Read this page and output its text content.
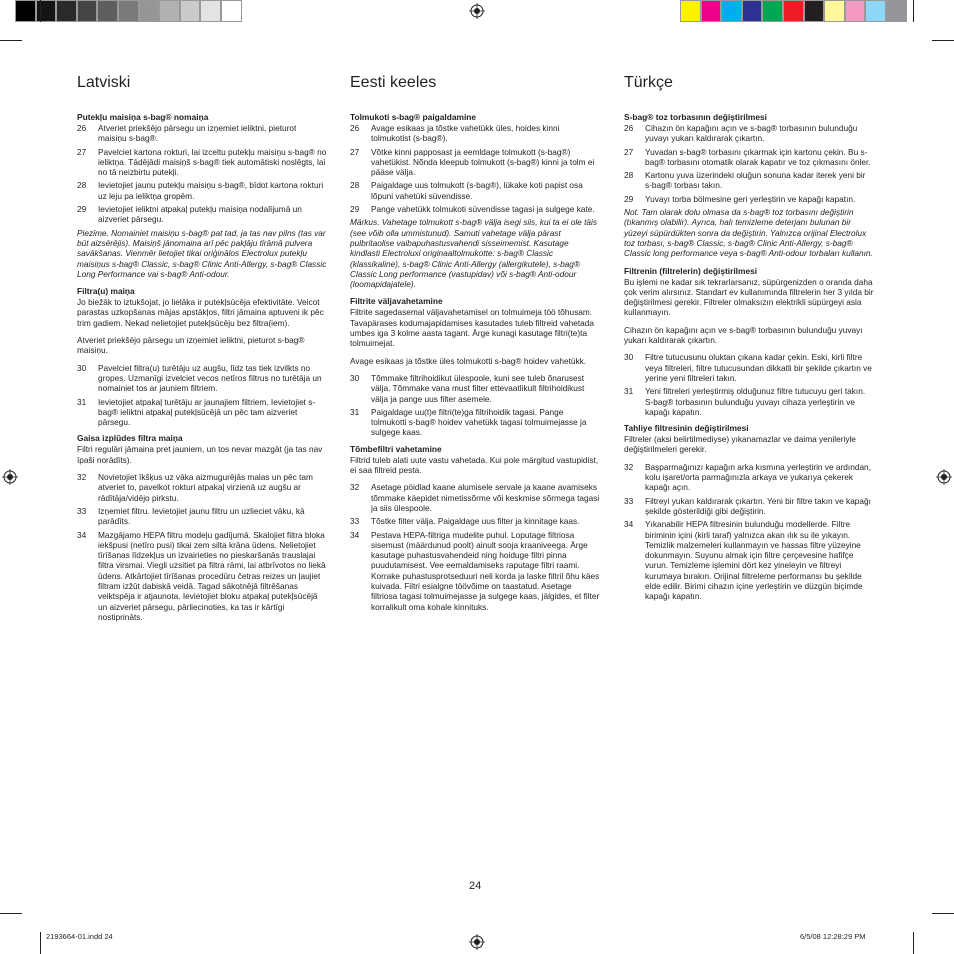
Latviski
Putekļu maisiņa s-bag® nomaiņa
26	Atveriet priekšējo pārsegu un izņemiet ieliktni, pieturot maisiņu s-bag®.
27	Pavelciet kartona rokturi, lai izceltu putekļu maisiņu s-bag® no ieliktņa. Tādējādi maisiņš s-bag® tiek automātiski noslēgts, lai no tā neizbirtu putekļi.
28	Ievietojiet jaunu putekļu maisiņu s-bag®, bīdot kartona rokturi uz leju pa ieliktņa gropēm.
29	Ievietojiet ieliktni atpakaļ putekļu maisiņa nodalījumā un aizveriet pārsegu.

Piezīme. Nomainiet maisiņu s-bag® pat tad, ja tas nav pilns (tas var būt aizsērējis). Maisiņš jānomaina arī pēc pakļāju tīrāmā pulvera savākšanas. Vienmēr lietojiet tikai oriģinālos Electrolux putekļu maisiņus s-bag® Classic, s-bag® Clinic Anti-Allergy, s-bag® Classic Long Performance vai s-bag® Anti-odour.

Filtra(u) maiņa

Jo biežāk to iztukšojat, jo lielāka ir putekļsūcēja efektivitāte. Veicot parastas uzkopšanas mājas apstākļos, filtri jāmaina aptuveni ik pēc trim gadiem. Nekad nelietojiet putekļsūcēju bez filtra(iem).

Atveriet priekšējo pārsegu un izņemiet ieliktni, pieturot s-bag® maisiņu.

30	Pavelciet filtra(u) turētāju uz augšu, līdz tas tiek izvilkts no gropes. Uzmanīgi izvelciet vecos netīros filtrus no turētāja un nomainiet tos ar jauniem filtriem.
31	Ievietojiet atpakaļ turētāju ar jaunajiem filtriem. Ievietojiet s-bag® ieliktni atpakaļ putekļsūcējā un pēc tam aizveriet pārsegu.
Gaisa izplūdes filtra maiņa

Filtri regulāri jāmaina pret jauniem, un tos nevar mazgāt (ja tas nav īpaši norādīts).

32	Novietojiet īkšķus uz vāka aizmugurējās malas un pēc tam atveriet to, pavelkot rokturi atpakaļ virzienā uz augšu ar rādītāja/vidējo pirkstu.
33	Izņemiet filtru. Ievietojiet jaunu filtru un uzlieciet vāku, kā parādīts.
34	Mazgājamo HEPA filtru modeļu gadījumā. Skalojiet filtra bloka iekšpusi (netīro pusi) tikai zem silta krāna ūdens. Nelietojiet tīrīšanas līdzekļus un izvairieties no pieskaršanās trauslajai filtra virsmai. Viegli uzsitiet pa filtra rāmi, lai atbrīvotos no liekā ūdens. Atkārtojiet tīrīšanas procedūru četras reizes un ļaujiet filtram izžūt dabiskā veidā. Tagad sākotnējā filtrēšanas veiktspēja ir atjaunota. Ievietojiet bloku atpakaļ putekļsūcējā un aizveriet pārsegu, pārliecinoties, ka tas ir kārtīgi nostiprināts.
Eesti keeles
Tolmukoti s-bag® paigaldamine
26	Avage esikaas ja tõstke vahetükk üles, hoides kinni tolmukotist (s-bag®).
27	Võtke kinni papposast ja eemldage tolmukott (s-bag®) vahetükist. Nõnda kleepub tolmukott (s-bag®) kinni ja tolm ei pääse välja.
28	Paigaldage uus tolmukott (s-bag®), lükake koti papist osa lõpuni vahetüki süvendisse.
29	Pange vahetükk tolmukoti süvendisse tagasi ja sulgege kate.

Märkus. Vahetage tolmukott s-bag® välja isegi siis, kui ta ei ole täis (see võib olla ummistunud). Samuti vahetage välja pärast pulbritaolise vaibapuhastusvahendi sisseimemist. Kasutage kindlasti Electroluxi originaaltolmukotte: s-bag® Classic (klassikaline), s-bag® Clinic Anti-Allergy (allergikutele), s-bag® Classic Long performance (vastupidav) või s-bag® Anti-odour (loomapidajatele).

Filtrite väljavahetamine

Filtrite sagedasemal väljavahetamisel on tolmuimeja töö tõhusam. Tavapärases kodumajapidamises kasutades tuleb filtreid vahetada umbes iga 3 kolme aasta tagant. Ärge kunagi kasutage filtri(te)ta tolmuimejat.

Avage esikaas ja tõstke üles tolmukotti s-bag® hoidev vahetükk.

30	Tõmmake filtrihoidikut ülespoole, kuni see tuleb õnarusest välja. Tõmmake vana must filter ettevaatlikult filtrihoidikust välja ja pange uus filter asemele.
31	Paigaldage uu(t)e filtri(te)ga filtrihoidik tagasi. Pange tolmukotti s-bag® hoidev vahetükk tagasi tolmuimejasse ja sulgege kaas.
Tõmbefiltri vahetamine

Filtrid tuleb alati uute vastu vahetada. Kui pole märgitud vastupidist, ei saa filtreid pesta.

32	Asetage pöidlad kaane alumisele servale ja kaane avamiseks tõmmake käepidet nimetissõrme või keskmise sõrmega tagasi ja siis ülespoole.
33	Tõstke filter välja. Paigaldage uus filter ja kinnitage kaas.
34	Pestava HEPA-filtriga mudelite puhul. Loputage filtriosa sisemust (määrdunud poolt) ainult sooja kraaniveega. Ärge kasutage puhastusvahendeid ning hoiduge filtri pinna puudutamisest. Vee eemaldamiseks raputage filtri raami. Korrake puhastusprotseduuri neli korda ja laske filtril õhu käes kuivada. Filtri esialgne töövõime on taastatud. Asetage filtriosa tagasi tolmuimejasse ja sulgege kaas, jälgides, et filter korralikult oma kohale kinnituks.
Türkçe
S-bag® toz torbasının değiştirilmesi
26	Cihazın ön kapağını açın ve s-bag® torbasının bulunduğu yuvayı yukarı kaldırarak çıkartın.
27	Yuvadan s-bag® torbasını çıkarmak için kartonu çekin. Bu s-bag® torbasını otomatik olarak kapatır ve toz çıkmasını önler.
28	Kartonu yuva üzerindeki oluğun sonuna kadar iterek yeni bir s-bag® torbası takın.
29	Yuvayı torba bölmesine geri yerleştirin ve kapağı kapatın.

Not. Tam olarak dolu olmasa da s-bag® toz torbasını değiştirin (tıkanmış olabilir). Ayrıca, halı temizleme deterjanı bulunan bir yüzeyi süpürdükten sonra da değiştirin. Yalnızca orijinal Electrolux toz torbası, s-bag® Classic, s-bag® Clinic Anti-Allergy, s-bag® Classic long performance veya s-bag® Anti-odour torbaları kullanın.

Filtrenin (filtrelerin) değiştirilmesi

Bu işlemi ne kadar sık tekrarlarsanız, süpürgenizden o oranda daha çok verim alırsınız. Standart ev kullanımında filtrelerin her 3 yılda bir değiştirilmesi gerekir. Filtreler olmaksızın elektrikli süpürgeyi asla kullanmayın.

Cihazın ön kapağını açın ve s-bag® torbasının bulunduğu yuvayı yukarı kaldırarak çıkartın.

30	Filtre tutucusunu oluktan çıkana kadar çekin. Eski, kirli filtre veya filtreleri, filtre tutucusundan dikkatli bir şekilde çıkartın ve yerine yeni filtreleri takın.
31	Yeni filtreleri yerleştirmiş olduğunuz filtre tutucuyu geri takın. S-bag® torbasının bulunduğu yuvayı cihaza yerleştirin ve kapağı kapatın.
Tahliye filtresinin değiştirilmesi

Filtreler (aksi belirtilmediyse) yıkanamazlar ve daima yenileriyle değiştirilmeleri gerekir.

32	Başparmağınızı kapağın arka kısmına yerleştirin ve ardından, kolu işaret/orta parmağınızla arkaya ve yukarıya çekerek kapağı açın.
33	Filtreyi yukarı kaldırarak çıkartın. Yeni bir filtre takın ve kapağı şekilde gösterildiği gibi değiştirin.
34	Yıkanabilir HEPA filtresinin bulunduğu modellerde. Filtre biriminin içini (kirli taraf) yalnızca akan ılık su ile yıkayın. Temizlik malzemeleri kullanmayın ve hassas filtre yüzeyine dokunmayın. Suyunu almak için filtre çerçevesine hafifçe vurun. Temizleme işlemini dört kez yineleyin ve filtreyi kurumaya bırakın. Orijinal filtreleme performansı bu şekilde elde edilir. Birimi cihazın içine yerleştirin ve düzgün biçimde kapağı kapatın.
24
2193664-01.indd 24	6/5/08 12:28:29 PM
